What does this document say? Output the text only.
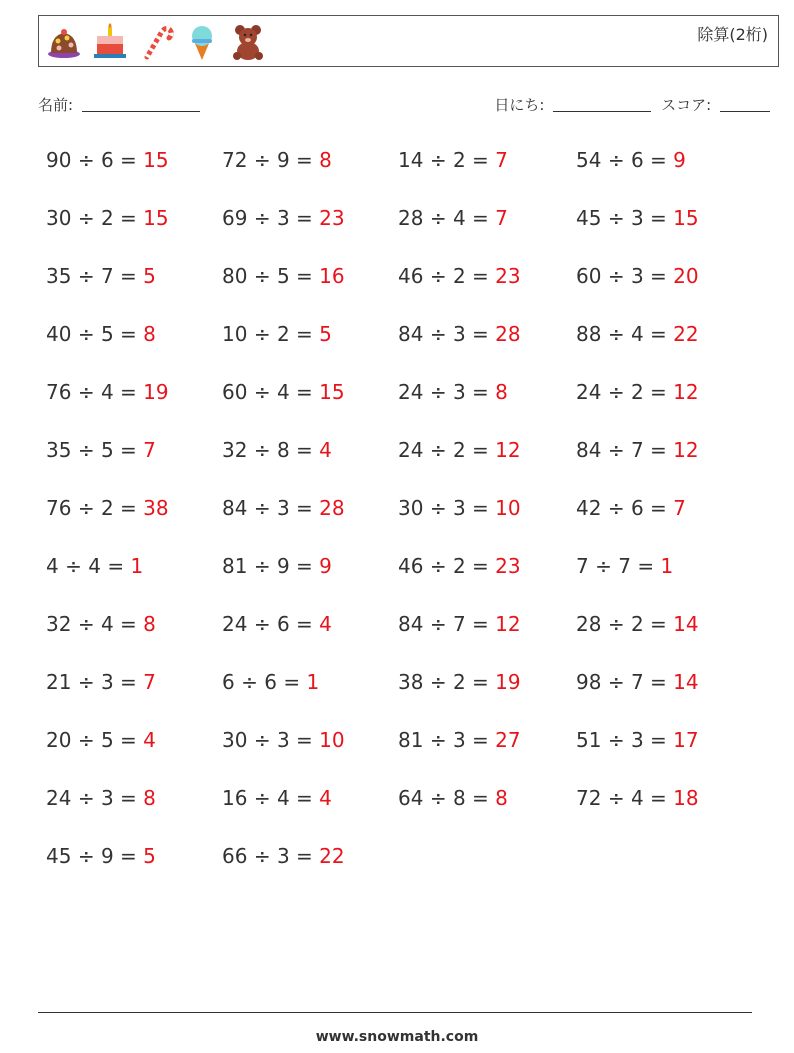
除算(2桁)
名前:	日にち:	スコア:
90 ÷ 6 = 15
30 ÷ 2 = 15
35 ÷ 7 = 5
40 ÷ 5 = 8
76 ÷ 4 = 19
35 ÷ 5 = 7
76 ÷ 2 = 38
4 ÷ 4 = 1
32 ÷ 4 = 8
21 ÷ 3 = 7
20 ÷ 5 = 4
24 ÷ 3 = 8
45 ÷ 9 = 5
72 ÷ 9 = 8
69 ÷ 3 = 23
80 ÷ 5 = 16
10 ÷ 2 = 5
60 ÷ 4 = 15
32 ÷ 8 = 4
84 ÷ 3 = 28
81 ÷ 9 = 9
24 ÷ 6 = 4
6 ÷ 6 = 1
30 ÷ 3 = 10
16 ÷ 4 = 4
66 ÷ 3 = 22
14 ÷ 2 = 7
28 ÷ 4 = 7
46 ÷ 2 = 23
84 ÷ 3 = 28
24 ÷ 3 = 8
24 ÷ 2 = 12
30 ÷ 3 = 10
46 ÷ 2 = 23
84 ÷ 7 = 12
38 ÷ 2 = 19
81 ÷ 3 = 27
64 ÷ 8 = 8
54 ÷ 6 = 9
45 ÷ 3 = 15
60 ÷ 3 = 20
88 ÷ 4 = 22
24 ÷ 2 = 12
84 ÷ 7 = 12
42 ÷ 6 = 7
7 ÷ 7 = 1
28 ÷ 2 = 14
98 ÷ 7 = 14
51 ÷ 3 = 17
72 ÷ 4 = 18
www.snowmath.com
